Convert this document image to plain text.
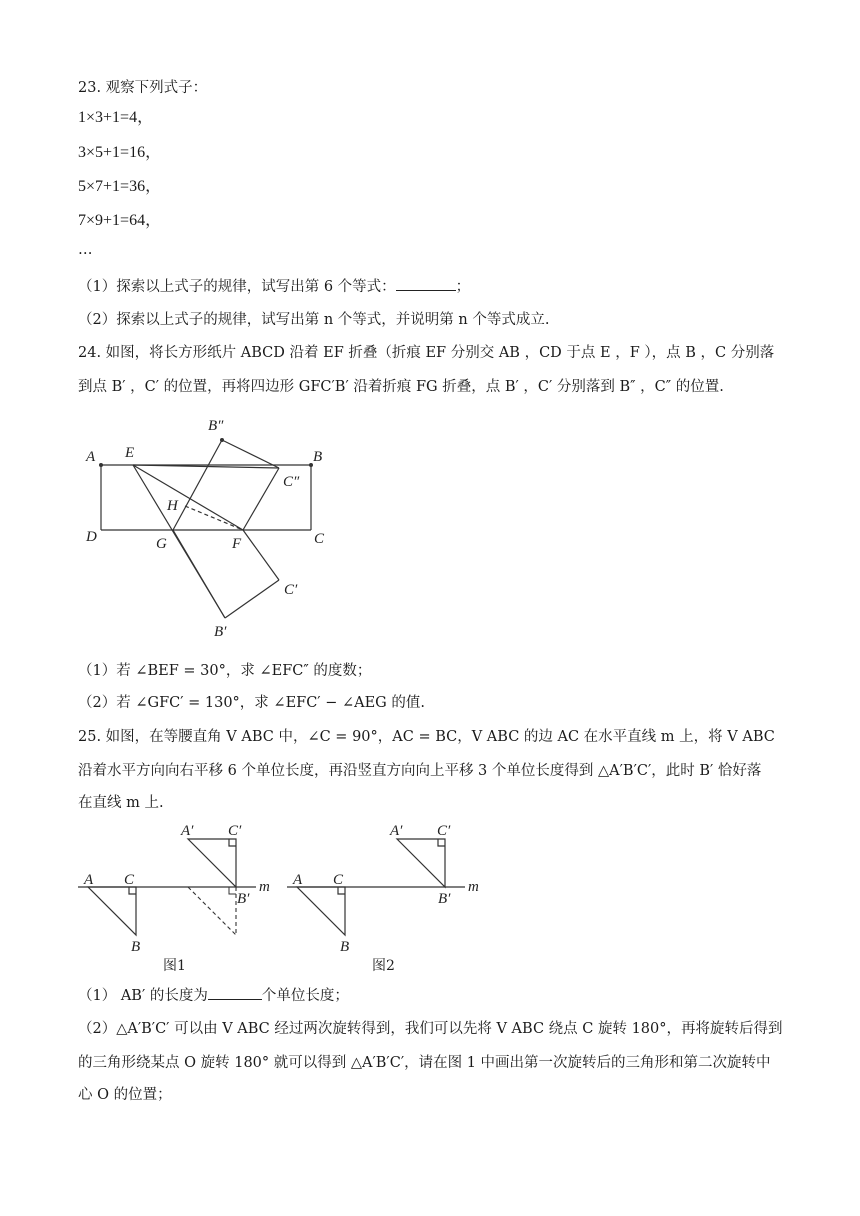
23. 观察下列式子：
1×3+1=4，
3×5+1=16，
5×7+1=36，
7×9+1=64，
…
（1）探索以上式子的规律，试写出第 6 个等式：	；
（2）探索以上式子的规律，试写出第 n 个等式，并说明第 n 个等式成立.
24. 如图，将长方形纸片 ABCD 沿着 EF 折叠（折痕 EF 分别交 AB ，CD 于点 E ，F ），点 B ，C 分别落
到点 B′ ，C′ 的位置，再将四边形 GFC′B′ 沿着折痕 FG 折叠，点 B′ ，C′ 分别落到 B″ ，C″ 的位置.
A E	B
B″
C″
H
D	G	F	C
C′
B′
（1）若 ∠BEF = 30°，求 ∠EFC″ 的度数；
（2）若 ∠GFC′ = 130°，求 ∠EFC′ − ∠AEG 的值.
25. 如图，在等腰直角 V ABC 中，∠C = 90°，AC = BC，V ABC 的边 AC 在水平直线 m 上，将 V ABC
沿着水平方向向右平移 6 个单位长度，再沿竖直方向向上平移 3 个单位长度得到 △A′B′C′，此时 B′ 恰好落
在直线 m 上.
A C
B
A′ C′
B′
m
图1
A C
B
A′ C′
B′
m
图2
（1） AB′ 的长度为	个单位长度；
（2）△A′B′C′ 可以由 V ABC 经过两次旋转得到，我们可以先将 V ABC 绕点 C 旋转 180°，再将旋转后得到
的三角形绕某点 O 旋转 180° 就可以得到 △A′B′C′，请在图 1 中画出第一次旋转后的三角形和第二次旋转中
心 O 的位置；
